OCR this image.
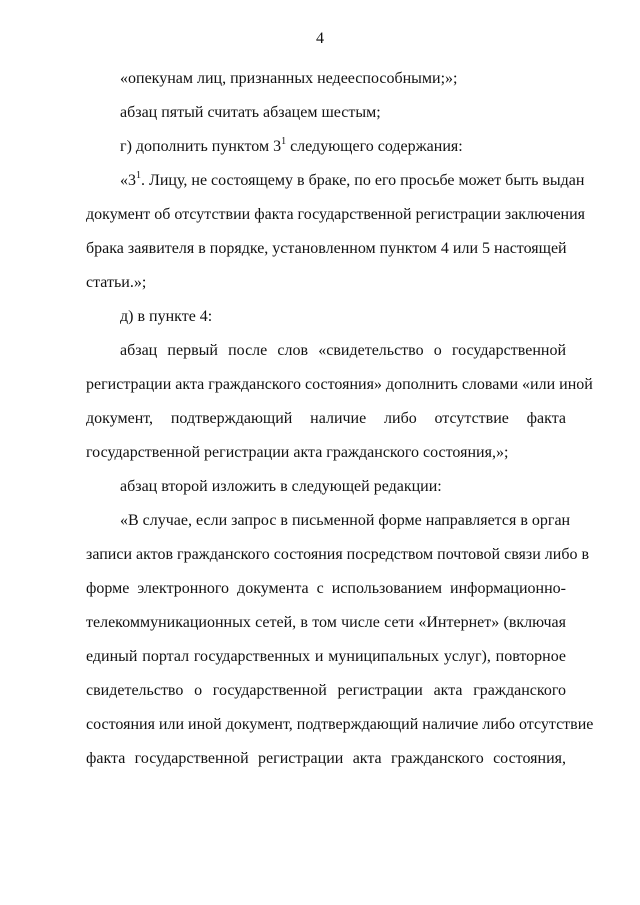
4
«опекунам лиц, признанных недееспособными;»;
абзац пятый считать абзацем шестым;
г) дополнить пунктом $3^1$ следующего содержания:
«$3^1$. Лицу, не состоящему в браке, по его просьбе может быть выдан
документ об отсутствии факта государственной регистрации заключения
брака заявителя в порядке, установленном пунктом 4 или 5 настоящей
статьи.»;
д) в пункте 4:
абзац первый после слов «свидетельство о государственной
регистрации акта гражданского состояния» дополнить словами «или иной
документ, подтверждающий наличие либо отсутствие факта
государственной регистрации акта гражданского состояния,»;
абзац второй изложить в следующей редакции:
«В случае, если запрос в письменной форме направляется в орган
записи актов гражданского состояния посредством почтовой связи либо в
форме электронного документа с использованием информационно-
телекоммуникационных сетей, в том числе сети «Интернет» (включая
единый портал государственных и муниципальных услуг), повторное
свидетельство о государственной регистрации акта гражданского
состояния или иной документ, подтверждающий наличие либо отсутствие
факта государственной регистрации акта гражданского состояния,
